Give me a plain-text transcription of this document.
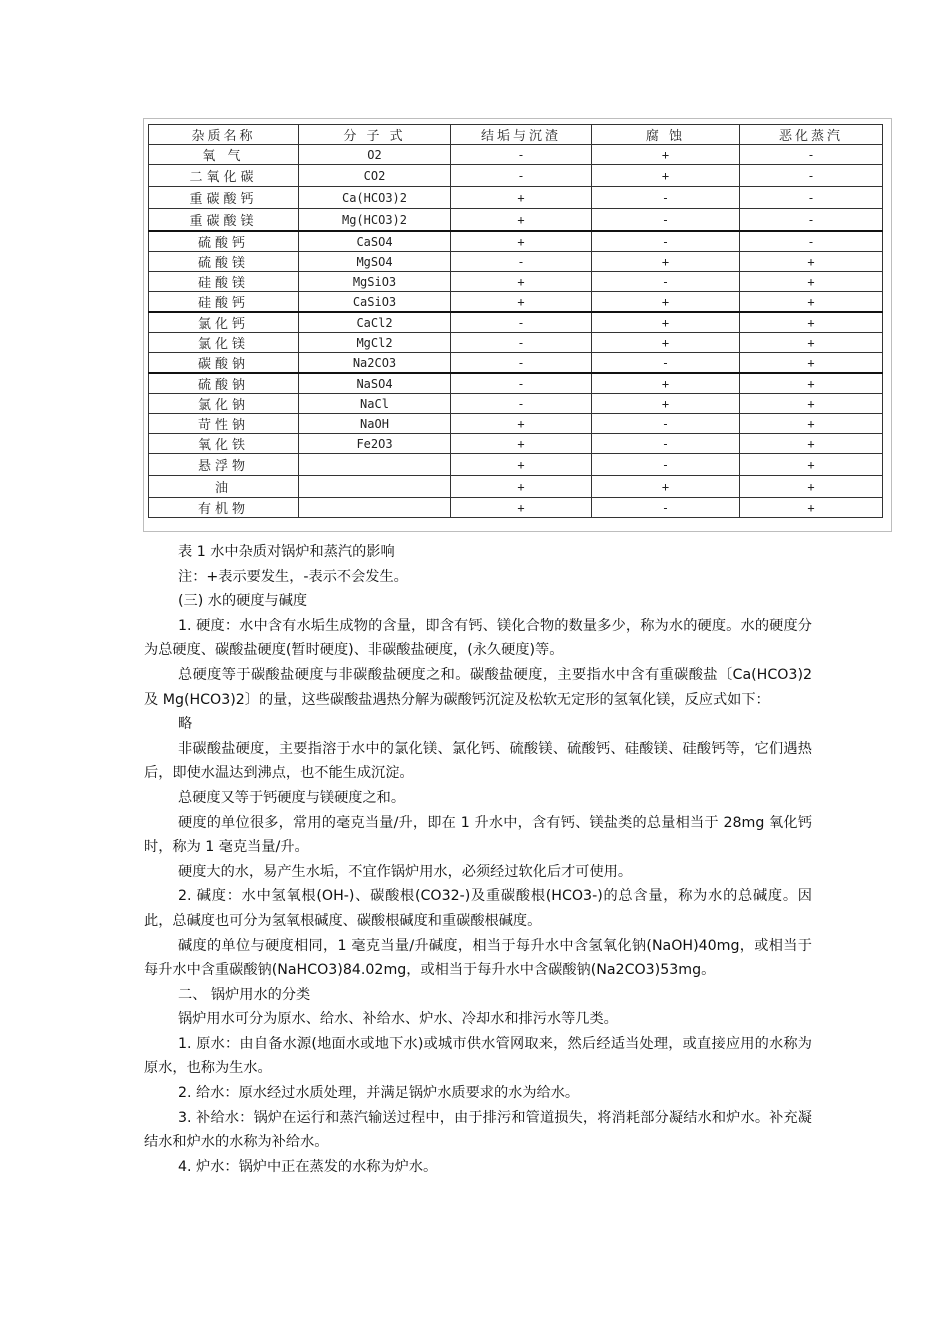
杂质名称	分 子 式	结垢与沉渣	腐 蚀	恶化蒸汽
氧 气	O2	-	+	-
二氧化碳	CO2	-	+	-
重碳酸钙	Ca(HCO3)2	+	-	-
重碳酸镁	Mg(HCO3)2	+	-	-
硫酸钙	CaSO4	+	-	-
硫酸镁	MgSO4	-	+	+
硅酸镁	MgSiO3	+	-	+
硅酸钙	CaSiO3	+	+	+
氯化钙	CaCl2	-	+	+
氯化镁	MgCl2	-	+	+
碳酸钠	Na2CO3	-	-	+
硫酸钠	NaSO4	-	+	+
氯化钠	NaCl	-	+	+
苛性钠	NaOH	+	-	+
氧化铁	Fe2O3	+	-	+
悬浮物		+	-	+
油		+	+	+
有机物		+	-	+

表 1 水中杂质对锅炉和蒸汽的影响

注：+表示要发生，-表示不会发生。

(三) 水的硬度与碱度

1. 硬度：水中含有水垢生成物的含量，即含有钙、镁化合物的数量多少，称为水的硬度。水的硬度分为总硬度、碳酸盐硬度(暂时硬度)、非碳酸盐硬度，(永久硬度)等。

总硬度等于碳酸盐硬度与非碳酸盐硬度之和。碳酸盐硬度，主要指水中含有重碳酸盐〔Ca(HCO3)2 及 Mg(HCO3)2〕的量，这些碳酸盐遇热分解为碳酸钙沉淀及松软无定形的氢氧化镁，反应式如下：

略

非碳酸盐硬度，主要指溶于水中的氯化镁、氯化钙、硫酸镁、硫酸钙、硅酸镁、硅酸钙等，它们遇热后，即使水温达到沸点，也不能生成沉淀。

总硬度又等于钙硬度与镁硬度之和。

硬度的单位很多，常用的毫克当量/升，即在 1 升水中，含有钙、镁盐类的总量相当于 28mg 氧化钙时，称为 1 毫克当量/升。

硬度大的水，易产生水垢，不宜作锅炉用水，必须经过软化后才可使用。

2. 碱度：水中氢氧根(OH-)、碳酸根(CO32-)及重碳酸根(HCO3-)的总含量，称为水的总碱度。因此，总碱度也可分为氢氧根碱度、碳酸根碱度和重碳酸根碱度。

碱度的单位与硬度相同，1 毫克当量/升碱度，相当于每升水中含氢氧化钠(NaOH)40mg，或相当于每升水中含重碳酸钠(NaHCO3)84.02mg，或相当于每升水中含碳酸钠(Na2CO3)53mg。

二、 锅炉用水的分类

锅炉用水可分为原水、给水、补给水、炉水、冷却水和排污水等几类。

1. 原水：由自备水源(地面水或地下水)或城市供水管网取来，然后经适当处理，或直接应用的水称为原水，也称为生水。

2. 给水：原水经过水质处理，并满足锅炉水质要求的水为给水。

3. 补给水：锅炉在运行和蒸汽输送过程中，由于排污和管道损失，将消耗部分凝结水和炉水。补充凝结水和炉水的水称为补给水。

4. 炉水：锅炉中正在蒸发的水称为炉水。
